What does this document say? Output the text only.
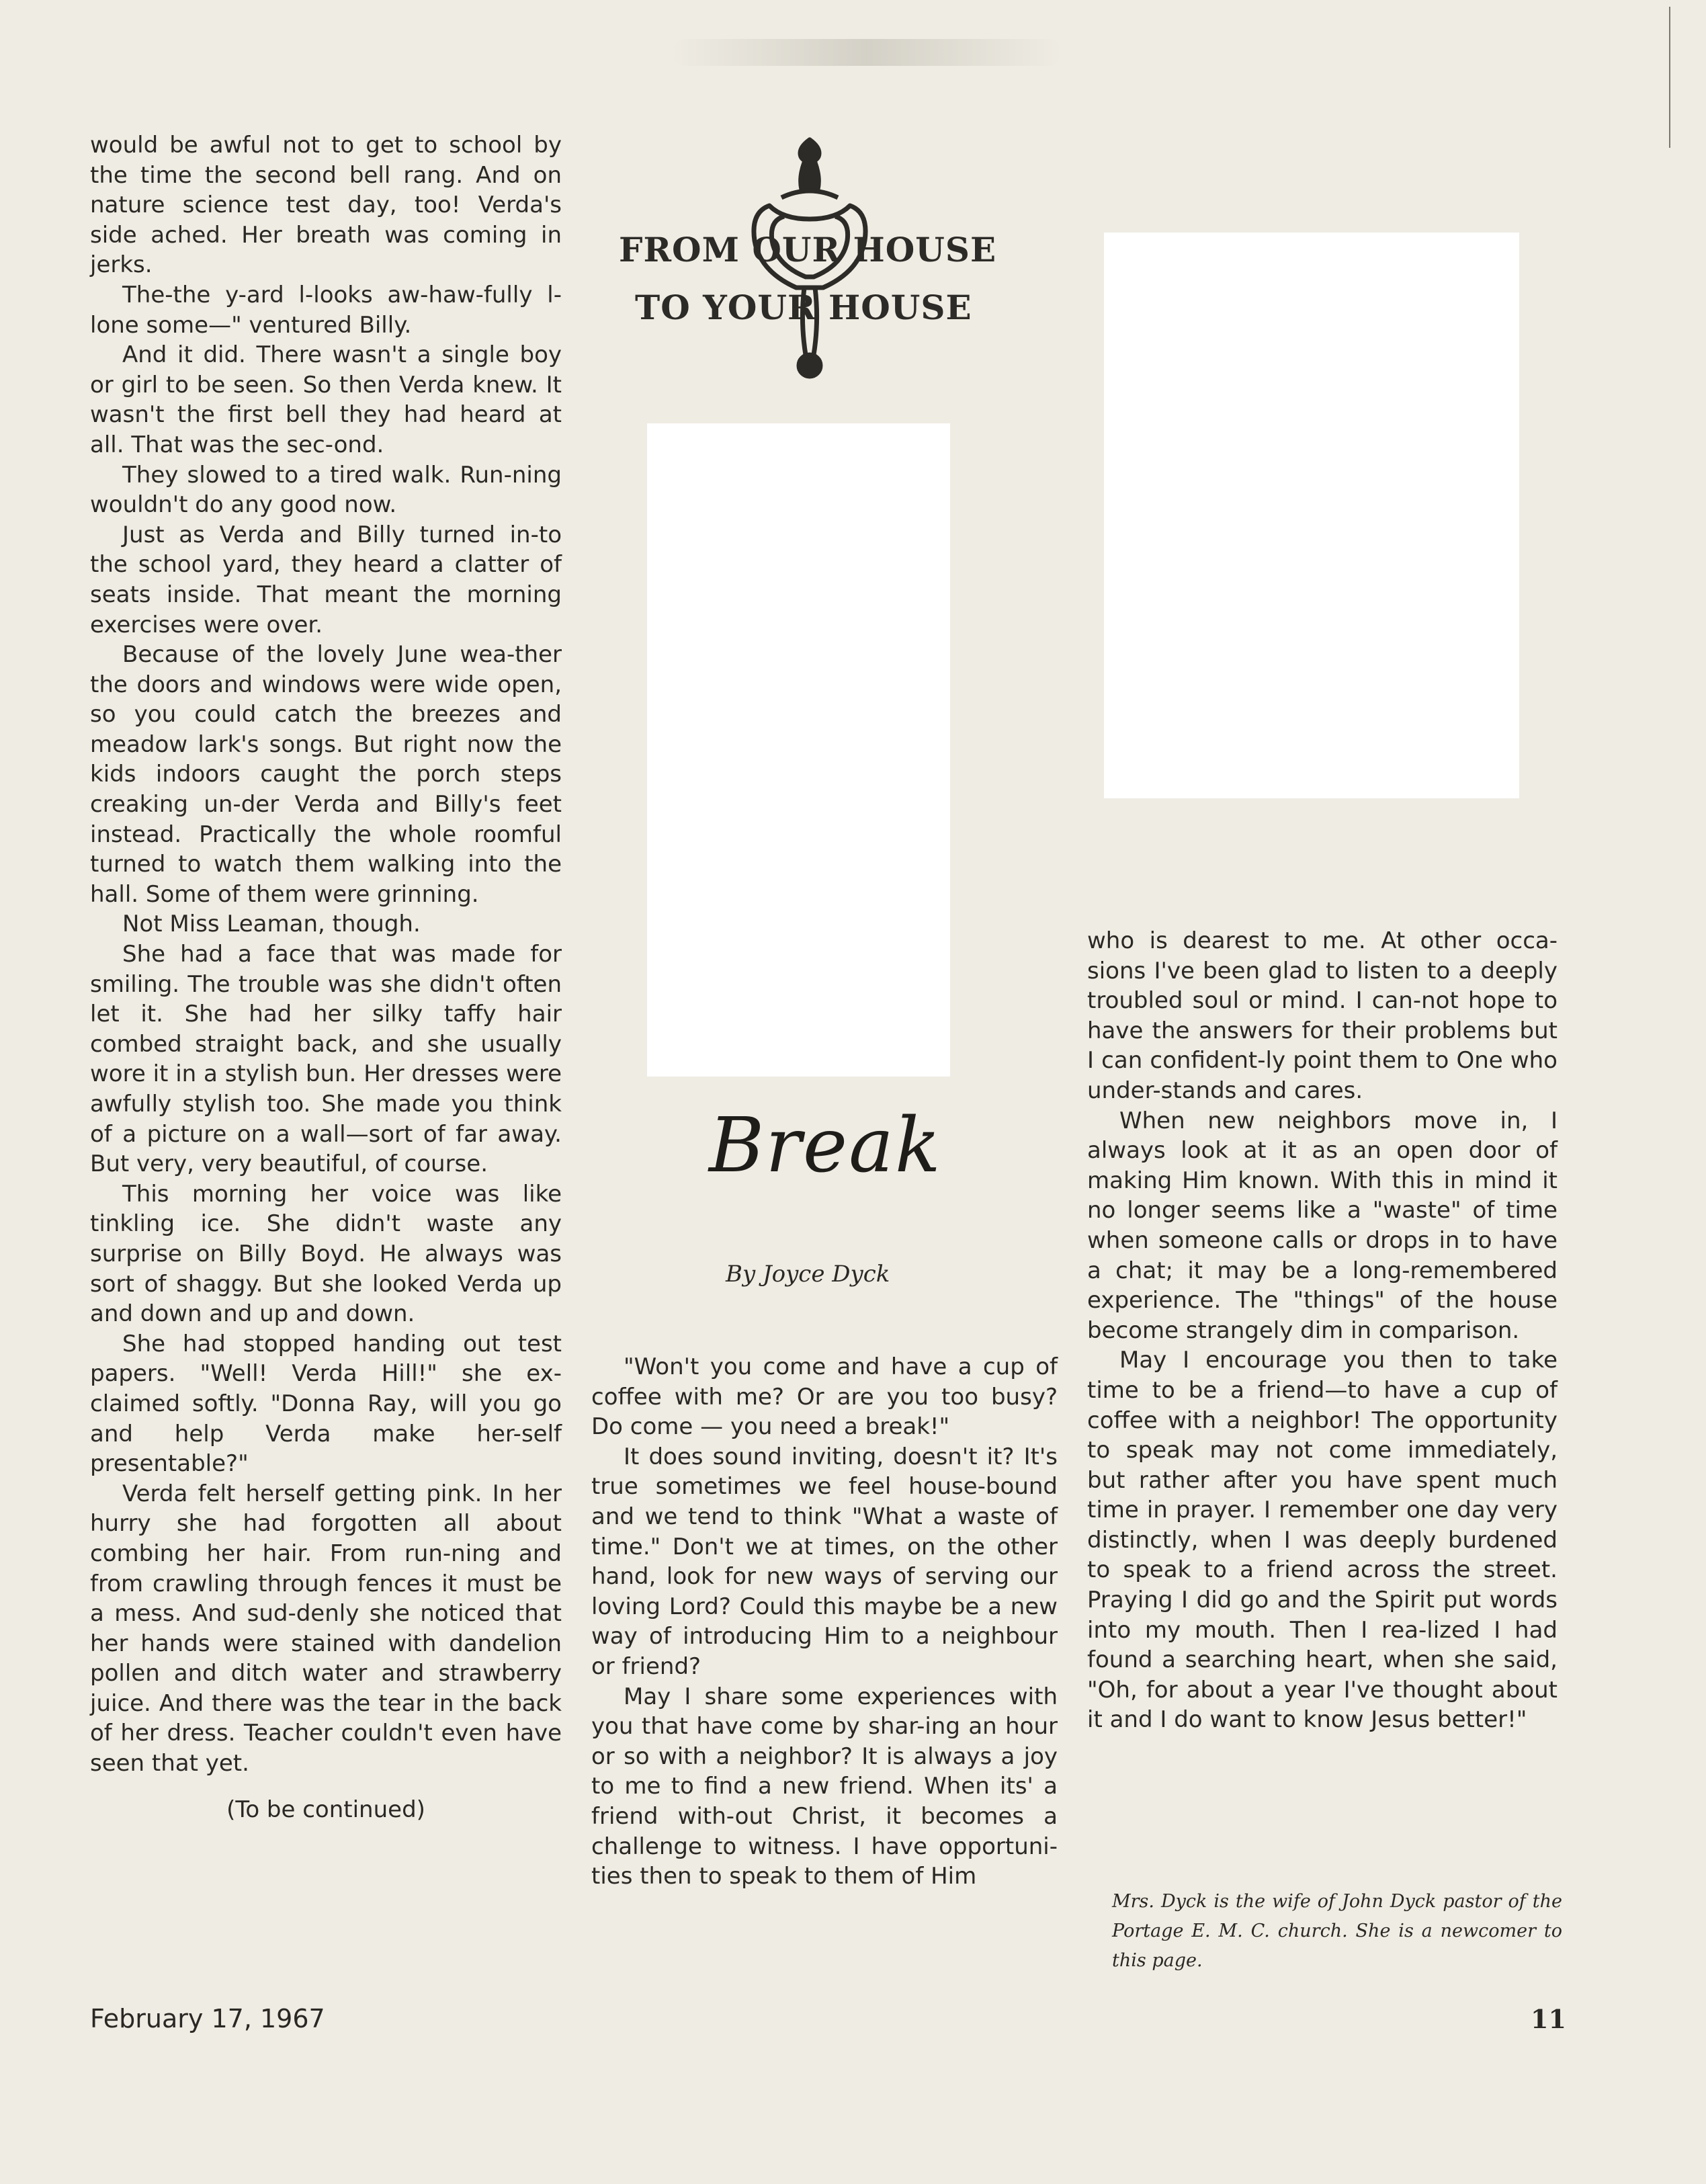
would be awful not to get to school by the time the second bell rang. And on nature science test day, too! Verda's side ached. Her breath was coming in jerks.

The-the y-ard l-looks aw-haw-fully l-lone some—" ventured Billy.

And it did. There wasn't a single boy or girl to be seen. So then Verda knew. It wasn't the first bell they had heard at all. That was the sec-ond.

They slowed to a tired walk. Run-ning wouldn't do any good now.

Just as Verda and Billy turned in-to the school yard, they heard a clatter of seats inside. That meant the morning exercises were over.

Because of the lovely June wea-ther the doors and windows were wide open, so you could catch the breezes and meadow lark's songs. But right now the kids indoors caught the porch steps creaking un-der Verda and Billy's feet instead. Practically the whole roomful turned to watch them walking into the hall. Some of them were grinning.

Not Miss Leaman, though.

She had a face that was made for smiling. The trouble was she didn't often let it. She had her silky taffy hair combed straight back, and she usually wore it in a stylish bun. Her dresses were awfully stylish too. She made you think of a picture on a wall—sort of far away. But very, very beautiful, of course.

This morning her voice was like tinkling ice. She didn't waste any surprise on Billy Boyd. He always was sort of shaggy. But she looked Verda up and down and up and down.

She had stopped handing out test papers. "Well! Verda Hill!" she ex-claimed softly. "Donna Ray, will you go and help Verda make her-self presentable?"

Verda felt herself getting pink. In her hurry she had forgotten all about combing her hair. From run-ning and from crawling through fences it must be a mess. And sud-denly she noticed that her hands were stained with dandelion pollen and ditch water and strawberry juice. And there was the tear in the back of her dress. Teacher couldn't even have seen that yet.

(To be continued)

FROM OUR HOUSE
TO YOUR HOUSE
Break
By Joyce Dyck

"Won't you come and have a cup of coffee with me? Or are you too busy? Do come — you need a break!"

It does sound inviting, doesn't it? It's true sometimes we feel house-bound and we tend to think "What a waste of time." Don't we at times, on the other hand, look for new ways of serving our loving Lord? Could this maybe be a new way of introducing Him to a neighbour or friend?

May I share some experiences with you that have come by shar-ing an hour or so with a neighbor? It is always a joy to me to find a new friend. When its' a friend with-out Christ, it becomes a challenge to witness. I have opportuni-ties then to speak to them of Him

who is dearest to me. At other occa-sions I've been glad to listen to a deeply troubled soul or mind. I can-not hope to have the answers for their problems but I can confident-ly point them to One who under-stands and cares.

When new neighbors move in, I always look at it as an open door of making Him known. With this in mind it no longer seems like a "waste" of time when someone calls or drops in to have a chat; it may be a long-remembered experience. The "things" of the house become strangely dim in comparison.

May I encourage you then to take time to be a friend—to have a cup of coffee with a neighbor! The opportunity to speak may not come immediately, but rather after you have spent much time in prayer. I remember one day very distinctly, when I was deeply burdened to speak to a friend across the street. Praying I did go and the Spirit put words into my mouth. Then I rea-lized I had found a searching heart, when she said, "Oh, for about a year I've thought about it and I do want to know Jesus better!"

Mrs. Dyck is the wife of John Dyck pastor of the Portage E. M. C. church. She is a newcomer to this page.
February 17, 1967	11
